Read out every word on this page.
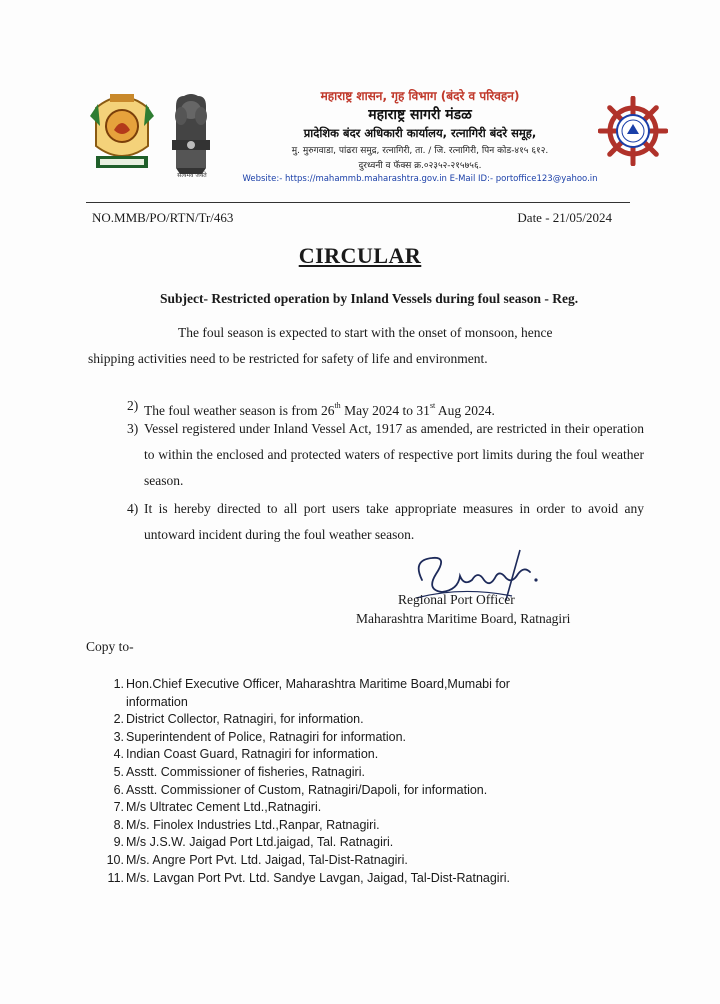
सत्यमेव जयते
महाराष्ट्र शासन, गृह विभाग (बंदरे व परिवहन)
महाराष्ट्र सागरी मंडळ
प्रादेशिक बंदर अधिकारी कार्यालय, रत्नागिरी बंदरे समूह,
मु. मुरुगवाडा, पांढरा समुद्र, रत्नागिरी, ता. / जि. रत्नागिरी, पिन कोड-४१५ ६१२.
दुरध्वनी व फॅक्स क्र.०२३५२-२१५७५६.
Website:- https://mahammb.maharashtra.gov.in E-Mail ID:- portoffice123@yahoo.in
NO.MMB/PO/RTN/Tr/463	Date - 21/05/2024
CIRCULAR
Subject- Restricted operation by Inland Vessels during foul season - Reg.
The foul season is expected to start with the onset of monsoon, hence
shipping activities need to be restricted for safety of life and environment.
2) The foul weather season is from 26th May 2024 to 31st Aug 2024.
3) Vessel registered under Inland Vessel Act, 1917 as amended, are restricted in their operation to within the enclosed and protected waters of respective port limits during the foul weather season.
4) It is hereby directed to all port users take appropriate measures in order to avoid any untoward incident during the foul weather season.
Regional Port Officer
Maharashtra Maritime Board, Ratnagiri
Copy to-
1. Hon.Chief Executive Officer, Maharashtra Maritime Board,Mumabi for information
2. District Collector, Ratnagiri, for information.
3. Superintendent of Police, Ratnagiri for information.
4. Indian Coast Guard, Ratnagiri for information.
5. Asstt. Commissioner of fisheries, Ratnagiri.
6. Asstt. Commissioner of Custom, Ratnagiri/Dapoli, for information.
7. M/s Ultratec Cement Ltd.,Ratnagiri.
8. M/s. Finolex Industries Ltd.,Ranpar, Ratnagiri.
9. M/s J.S.W. Jaigad Port Ltd.jaigad, Tal. Ratnagiri.
10. M/s. Angre Port Pvt. Ltd. Jaigad, Tal-Dist-Ratnagiri.
11. M/s. Lavgan Port Pvt. Ltd. Sandye Lavgan, Jaigad, Tal-Dist-Ratnagiri.
